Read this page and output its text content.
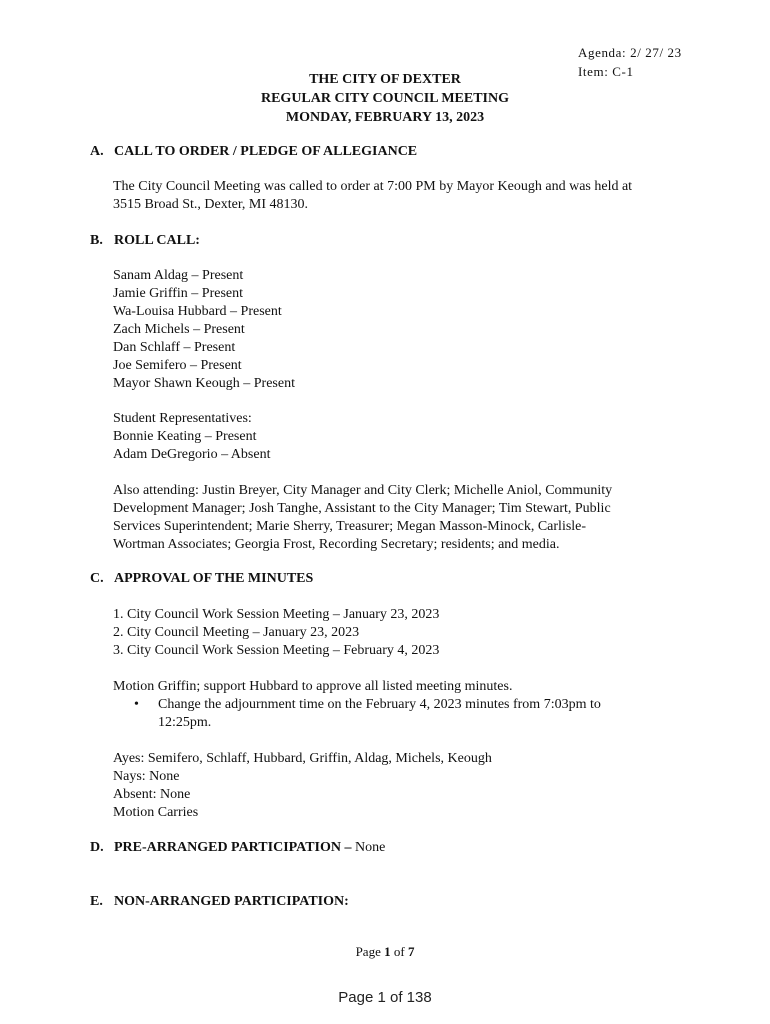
Agenda: 2/ 27/ 23
Item: C-1
THE CITY OF DEXTER
REGULAR CITY COUNCIL MEETING
MONDAY, FEBRUARY 13, 2023
A. CALL TO ORDER / PLEDGE OF ALLEGIANCE
The City Council Meeting was called to order at 7:00 PM by Mayor Keough and was held at
3515 Broad St., Dexter, MI 48130.
B. ROLL CALL:
Sanam Aldag – Present
Jamie Griffin – Present
Wa-Louisa Hubbard – Present
Zach Michels – Present
Dan Schlaff – Present
Joe Semifero – Present
Mayor Shawn Keough – Present
Student Representatives:
Bonnie Keating – Present
Adam DeGregorio – Absent
Also attending: Justin Breyer, City Manager and City Clerk; Michelle Aniol, Community
Development Manager; Josh Tanghe, Assistant to the City Manager; Tim Stewart, Public
Services Superintendent; Marie Sherry, Treasurer; Megan Masson-Minock, Carlisle-
Wortman Associates; Georgia Frost, Recording Secretary; residents; and media.
C. APPROVAL OF THE MINUTES
1. City Council Work Session Meeting – January 23, 2023
2. City Council Meeting – January 23, 2023
3. City Council Work Session Meeting – February 4, 2023
Motion Griffin; support Hubbard to approve all listed meeting minutes.
• Change the adjournment time on the February 4, 2023 minutes from 7:03pm to
12:25pm.
Ayes: Semifero, Schlaff, Hubbard, Griffin, Aldag, Michels, Keough
Nays: None
Absent: None
Motion Carries
D. PRE-ARRANGED PARTICIPATION – None
E. NON-ARRANGED PARTICIPATION:
Page 1 of 7
Page 1 of 138
